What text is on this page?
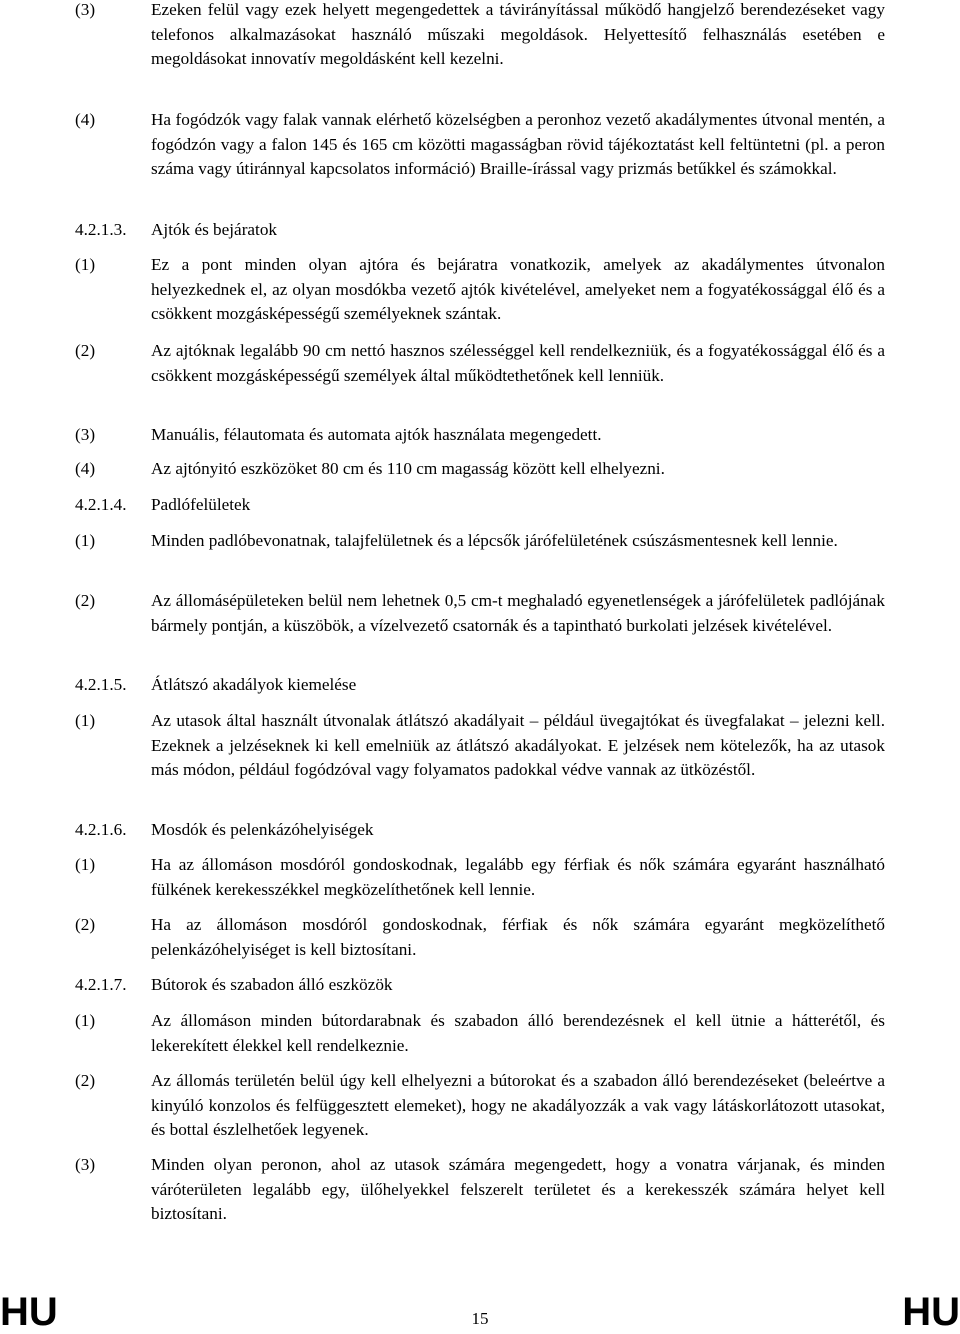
(3)	Ezeken felül vagy ezek helyett megengedettek a távirányítással működő hangjelző berendezéseket vagy telefonos alkalmazásokat használó műszaki megoldások. Helyettesítő felhasználás esetében e megoldásokat innovatív megoldásként kell kezelni.
(4)	Ha fogódzók vagy falak vannak elérhető közelségben a peronhoz vezető akadálymentes útvonal mentén, a fogódzón vagy a falon 145 és 165 cm közötti magasságban rövid tájékoztatást kell feltüntetni (pl. a peron száma vagy útiránnyal kapcsolatos információ) Braille-írással vagy prizmás betűkkel és számokkal.
4.2.1.3. Ajtók és bejáratok
(1)	Ez a pont minden olyan ajtóra és bejáratra vonatkozik, amelyek az akadálymentes útvonalon helyezkednek el, az olyan mosdókba vezető ajtók kivételével, amelyeket nem a fogyatékossággal élő és a csökkent mozgásképességű személyeknek szántak.
(2)	Az ajtóknak legalább 90 cm nettó hasznos szélességgel kell rendelkezniük, és a fogyatékossággal élő és a csökkent mozgásképességű személyek által működtethetőnek kell lenniük.
(3)	Manuális, félautomata és automata ajtók használata megengedett.
(4)	Az ajtónyitó eszközöket 80 cm és 110 cm magasság között kell elhelyezni.
4.2.1.4. Padlófelületek
(1)	Minden padlóbevonatnak, talajfelületnek és a lépcsők járófelületének csúszásmentesnek kell lennie.
(2)	Az állomásépületeken belül nem lehetnek 0,5 cm-t meghaladó egyenetlenségek a járófelületek padlójának bármely pontján, a küszöbök, a vízelvezető csatornák és a tapintható burkolati jelzések kivételével.
4.2.1.5. Átlátszó akadályok kiemelése
(1)	Az utasok által használt útvonalak átlátszó akadályait – például üvegajtókat és üvegfalakat – jelezni kell. Ezeknek a jelzéseknek ki kell emelniük az átlátszó akadályokat. E jelzések nem kötelezők, ha az utasok más módon, például fogódzóval vagy folyamatos padokkal védve vannak az ütközéstől.
4.2.1.6. Mosdók és pelenkázóhelyiségek
(1)	Ha az állomáson mosdóról gondoskodnak, legalább egy férfiak és nők számára egyaránt használható fülkének kerekesszékkel megközelíthetőnek kell lennie.
(2)	Ha az állomáson mosdóról gondoskodnak, férfiak és nők számára egyaránt megközelíthető pelenkázóhelyiséget is kell biztosítani.
4.2.1.7. Bútorok és szabadon álló eszközök
(1)	Az állomáson minden bútordarabnak és szabadon álló berendezésnek el kell ütnie a hátterétől, és lekerekített élekkel kell rendelkeznie.
(2)	Az állomás területén belül úgy kell elhelyezni a bútorokat és a szabadon álló berendezéseket (beleértve a kinyúló konzolos és felfüggesztett elemeket), hogy ne akadályozzák a vak vagy látáskorlátozott utasokat, és bottal észlelhetőek legyenek.
(3)	Minden olyan peronon, ahol az utasok számára megengedett, hogy a vonatra várjanak, és minden váróterületen legalább egy, ülőhelyekkel felszerelt területet és a kerekesszék számára helyet kell biztosítani.
HU	15	HU
